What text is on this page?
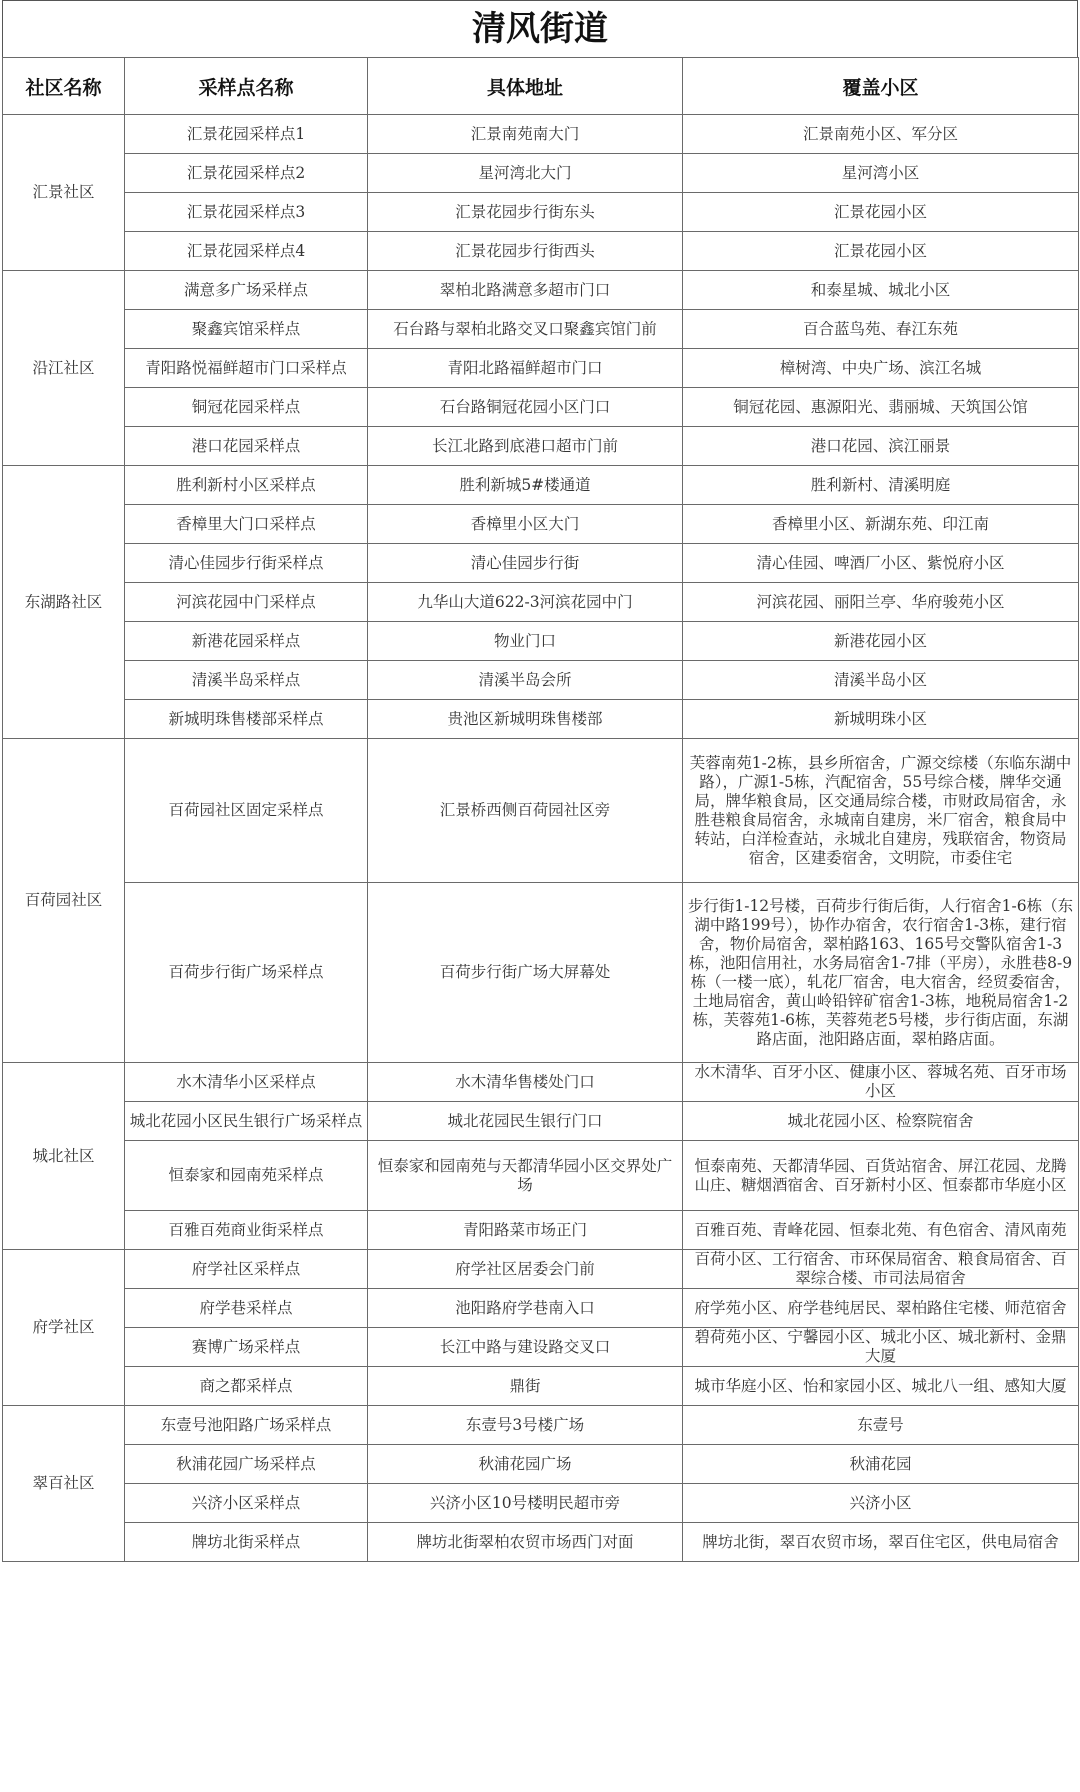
清风街道
社区名称	采样点名称	具体地址	覆盖小区
汇景社区	汇景花园采样点1	汇景南苑南大门	汇景南苑小区、军分区
	汇景花园采样点2	星河湾北大门	星河湾小区
	汇景花园采样点3	汇景花园步行街东头	汇景花园小区
	汇景花园采样点4	汇景花园步行街西头	汇景花园小区
沿江社区	满意多广场采样点	翠柏北路满意多超市门口	和泰星城、城北小区
	聚鑫宾馆采样点	石台路与翠柏北路交叉口聚鑫宾馆门前	百合蓝鸟苑、春江东苑
	青阳路悦福鲜超市门口采样点	青阳北路福鲜超市门口	樟树湾、中央广场、滨江名城
	铜冠花园采样点	石台路铜冠花园小区门口	铜冠花园、惠源阳光、翡丽城、天筑国公馆
	港口花园采样点	长江北路到底港口超市门前	港口花园、滨江丽景
东湖路社区	胜利新村小区采样点	胜利新城5#楼通道	胜利新村、清溪明庭
	香樟里大门口采样点	香樟里小区大门	香樟里小区、新湖东苑、印江南
	清心佳园步行街采样点	清心佳园步行街	清心佳园、啤酒厂小区、紫悦府小区
	河滨花园中门采样点	九华山大道622-3河滨花园中门	河滨花园、丽阳兰亭、华府骏苑小区
	新港花园采样点	物业门口	新港花园小区
	清溪半岛采样点	清溪半岛会所	清溪半岛小区
	新城明珠售楼部采样点	贵池区新城明珠售楼部	新城明珠小区
百荷园社区	百荷园社区固定采样点	汇景桥西侧百荷园社区旁	芙蓉南苑1-2栋，县乡所宿舍，广源交综楼（东临东湖中路），广源1-5栋，汽配宿舍，55号综合楼，牌华交通局，牌华粮食局，区交通局综合楼，市财政局宿舍，永胜巷粮食局宿舍，永城南自建房，米厂宿舍，粮食局中转站，白洋检查站，永城北自建房，残联宿舍，物资局宿舍，区建委宿舍，文明院，市委住宅
	百荷步行街广场采样点	百荷步行街广场大屏幕处	步行街1-12号楼，百荷步行街后街，人行宿舍1-6栋（东湖中路199号），协作办宿舍，农行宿舍1-3栋，建行宿舍，物价局宿舍，翠柏路163、165号交警队宿舍1-3栋，池阳信用社，水务局宿舍1-7排（平房），永胜巷8-9栋（一楼一底），轧花厂宿舍，电大宿舍，经贸委宿舍，土地局宿舍，黄山岭铅锌矿宿舍1-3栋，地税局宿舍1-2栋，芙蓉苑1-6栋，芙蓉苑老5号楼，步行街店面，东湖路店面，池阳路店面，翠柏路店面。
城北社区	水木清华小区采样点	水木清华售楼处门口	水木清华、百牙小区、健康小区、蓉城名苑、百牙市场小区
	城北花园小区民生银行广场采样点	城北花园民生银行门口	城北花园小区、检察院宿舍
	恒泰家和园南苑采样点	恒泰家和园南苑与天都清华园小区交界处广场	恒泰南苑、天都清华园、百货站宿舍、屏江花园、龙腾山庄、糖烟酒宿舍、百牙新村小区、恒泰都市华庭小区
	百雅百苑商业街采样点	青阳路菜市场正门	百雅百苑、青峰花园、恒泰北苑、有色宿舍、清风南苑
府学社区	府学社区采样点	府学社区居委会门前	百荷小区、工行宿舍、市环保局宿舍、粮食局宿舍、百翠综合楼、市司法局宿舍
	府学巷采样点	池阳路府学巷南入口	府学苑小区、府学巷纯居民、翠柏路住宅楼、师范宿舍
	赛博广场采样点	长江中路与建设路交叉口	碧荷苑小区、宁馨园小区、城北小区、城北新村、金鼎大厦
	商之都采样点	鼎街	城市华庭小区、怡和家园小区、城北八一组、感知大厦
翠百社区	东壹号池阳路广场采样点	东壹号3号楼广场	东壹号
	秋浦花园广场采样点	秋浦花园广场	秋浦花园
	兴济小区采样点	兴济小区10号楼明民超市旁	兴济小区
	牌坊北街采样点	牌坊北街翠柏农贸市场西门对面	牌坊北街，翠百农贸市场，翠百住宅区，供电局宿舍
